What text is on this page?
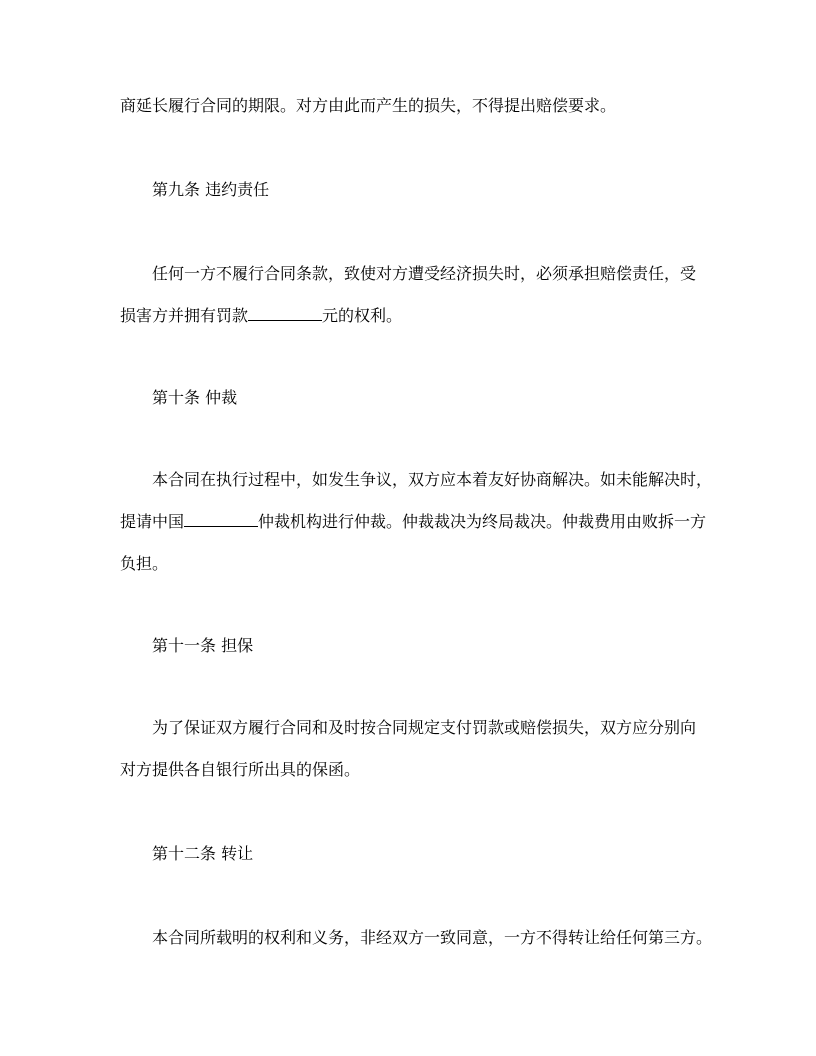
商延长履行合同的期限。对方由此而产生的损失，不得提出赔偿要求。
第九条 违约责任
任何一方不履行合同条款，致使对方遭受经济损失时，必须承担赔偿责任，受
损害方并拥有罚款	元的权利。
第十条 仲裁
本合同在执行过程中，如发生争议，双方应本着友好协商解决。如未能解决时，
提请中国	仲裁机构进行仲裁。仲裁裁决为终局裁决。仲裁费用由败拆一方
负担。
第十一条 担保
为了保证双方履行合同和及时按合同规定支付罚款或赔偿损失，双方应分别向
对方提供各自银行所出具的保函。
第十二条 转让
本合同所载明的权利和义务，非经双方一致同意，一方不得转让给任何第三方。
